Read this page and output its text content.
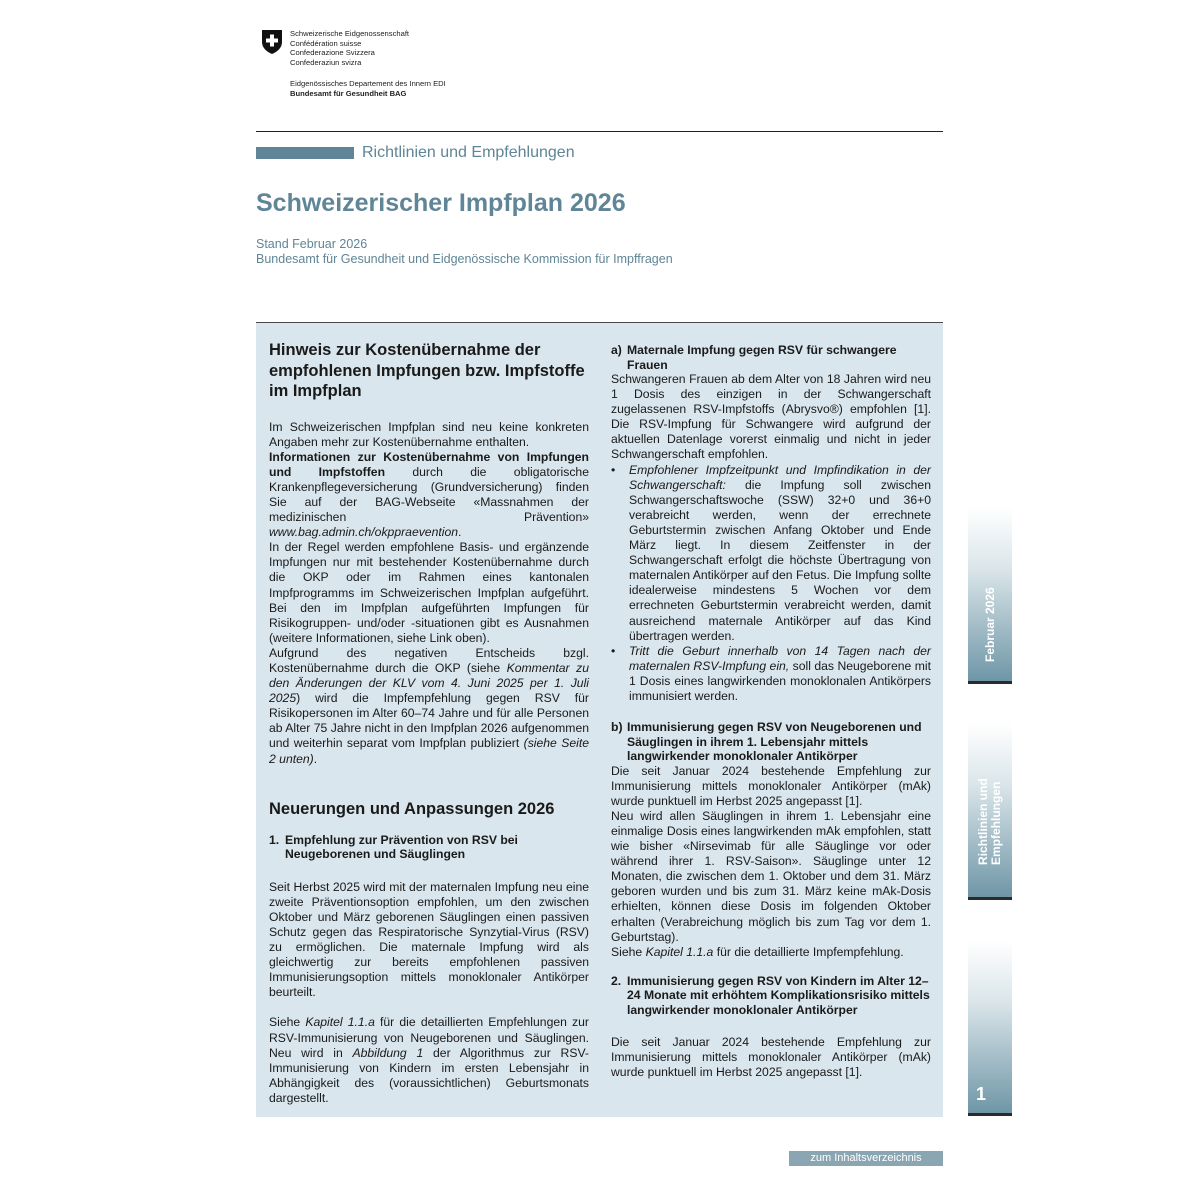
Schweizerische Eidgenossenschaft
Confédération suisse
Confederazione Svizzera
Confederaziun svizra
Eidgenössisches Departement des Innern EDI
Bundesamt für Gesundheit BAG
Richtlinien und Empfehlungen
Schweizerischer Impfplan 2026
Stand Februar 2026
Bundesamt für Gesundheit und Eidgenössische Kommission für Impffragen
Hinweis zur Kostenübernahme der empfohlenen Impfungen bzw. Impfstoffe im Impfplan

Im Schweizerischen Impfplan sind neu keine konkreten Angaben mehr zur Kostenübernahme enthalten.

Informationen zur Kostenübernahme von Impfungen und Impfstoffen durch die obligatorische Krankenpflegeversicherung (Grundversicherung) finden Sie auf der BAG-Webseite «Massnahmen der medizinischen Prävention» www.bag.admin.ch/okppraevention.

In der Regel werden empfohlene Basis- und ergänzende Impfungen nur mit bestehender Kostenübernahme durch die OKP oder im Rahmen eines kantonalen Impfprogramms im Schweizerischen Impfplan aufgeführt. Bei den im Impfplan aufgeführten Impfungen für Risikogruppen- und/oder -situationen gibt es Ausnahmen (weitere Informationen, siehe Link oben).

Aufgrund des negativen Entscheids bzgl. Kostenübernahme durch die OKP (siehe Kommentar zu den Änderungen der KLV vom 4. Juni 2025 per 1. Juli 2025) wird die Impfempfehlung gegen RSV für Risikopersonen im Alter 60–74 Jahre und für alle Personen ab Alter 75 Jahre nicht in den Impfplan 2026 aufgenommen und weiterhin separat vom Impfplan publiziert (siehe Seite 2 unten).

Neuerungen und Anpassungen 2026
1. Empfehlung zur Prävention von RSV bei Neugeborenen und Säuglingen

Seit Herbst 2025 wird mit der maternalen Impfung neu eine zweite Präventionsoption empfohlen, um den zwischen Oktober und März geborenen Säuglingen einen passiven Schutz gegen das Respiratorische Synzytial-Virus (RSV) zu ermöglichen. Die maternale Impfung wird als gleichwertig zur bereits empfohlenen passiven Immunisierungsoption mittels monoklonaler Antikörper beurteilt.

Siehe Kapitel 1.1.a für die detaillierten Empfehlungen zur RSV-Immunisierung von Neugeborenen und Säuglingen. Neu wird in Abbildung 1 der Algorithmus zur RSV-Immunisierung von Kindern im ersten Lebensjahr in Abhängigkeit des (voraussichtlichen) Geburtsmonats dargestellt.

a) Maternale Impfung gegen RSV für schwangere Frauen

Schwangeren Frauen ab dem Alter von 18 Jahren wird neu 1 Dosis des einzigen in der Schwangerschaft zugelassenen RSV-Impfstoffs (Abrysvo®) empfohlen [1]. Die RSV-Impfung für Schwangere wird aufgrund der aktuellen Datenlage vorerst einmalig und nicht in jeder Schwangerschaft empfohlen.

•	Empfohlener Impfzeitpunkt und Impfindikation in der Schwangerschaft: die Impfung soll zwischen Schwangerschaftswoche (SSW) 32+0 und 36+0 verabreicht werden, wenn der errechnete Geburtstermin zwischen Anfang Oktober und Ende März liegt. In diesem Zeitfenster in der Schwangerschaft erfolgt die höchste Übertragung von maternalen Antikörper auf den Fetus. Die Impfung sollte idealerweise mindestens 5 Wochen vor dem errechneten Geburtstermin verabreicht werden, damit ausreichend maternale Antikörper auf das Kind übertragen werden.
•	Tritt die Geburt innerhalb von 14 Tagen nach der maternalen RSV-Impfung ein, soll das Neugeborene mit 1 Dosis eines langwirkenden monoklonalen Antikörpers immunisiert werden.
b) Immunisierung gegen RSV von Neugeborenen und Säuglingen in ihrem 1. Lebensjahr mittels langwirkender monoklonaler Antikörper

Die seit Januar 2024 bestehende Empfehlung zur Immunisierung mittels monoklonaler Antikörper (mAk) wurde punktuell im Herbst 2025 angepasst [1].

Neu wird allen Säuglingen in ihrem 1. Lebensjahr eine einmalige Dosis eines langwirkenden mAk empfohlen, statt wie bisher «Nirsevimab für alle Säuglinge vor oder während ihrer 1. RSV-Saison». Säuglinge unter 12 Monaten, die zwischen dem 1. Oktober und dem 31. März geboren wurden und bis zum 31. März keine mAk-Dosis erhielten, können diese Dosis im folgenden Oktober erhalten (Verabreichung möglich bis zum Tag vor dem 1. Geburtstag).

Siehe Kapitel 1.1.a für die detaillierte Impfempfehlung.

2. Immunisierung gegen RSV von Kindern im Alter 12–24 Monate mit erhöhtem Komplikationsrisiko mittels langwirkender monoklonaler Antikörper

Die seit Januar 2024 bestehende Empfehlung zur Immunisierung mittels monoklonaler Antikörper (mAk) wurde punktuell im Herbst 2025 angepasst [1].

Februar 2026
Richtlinien und Empfehlungen
1
zum Inhaltsverzeichnis
